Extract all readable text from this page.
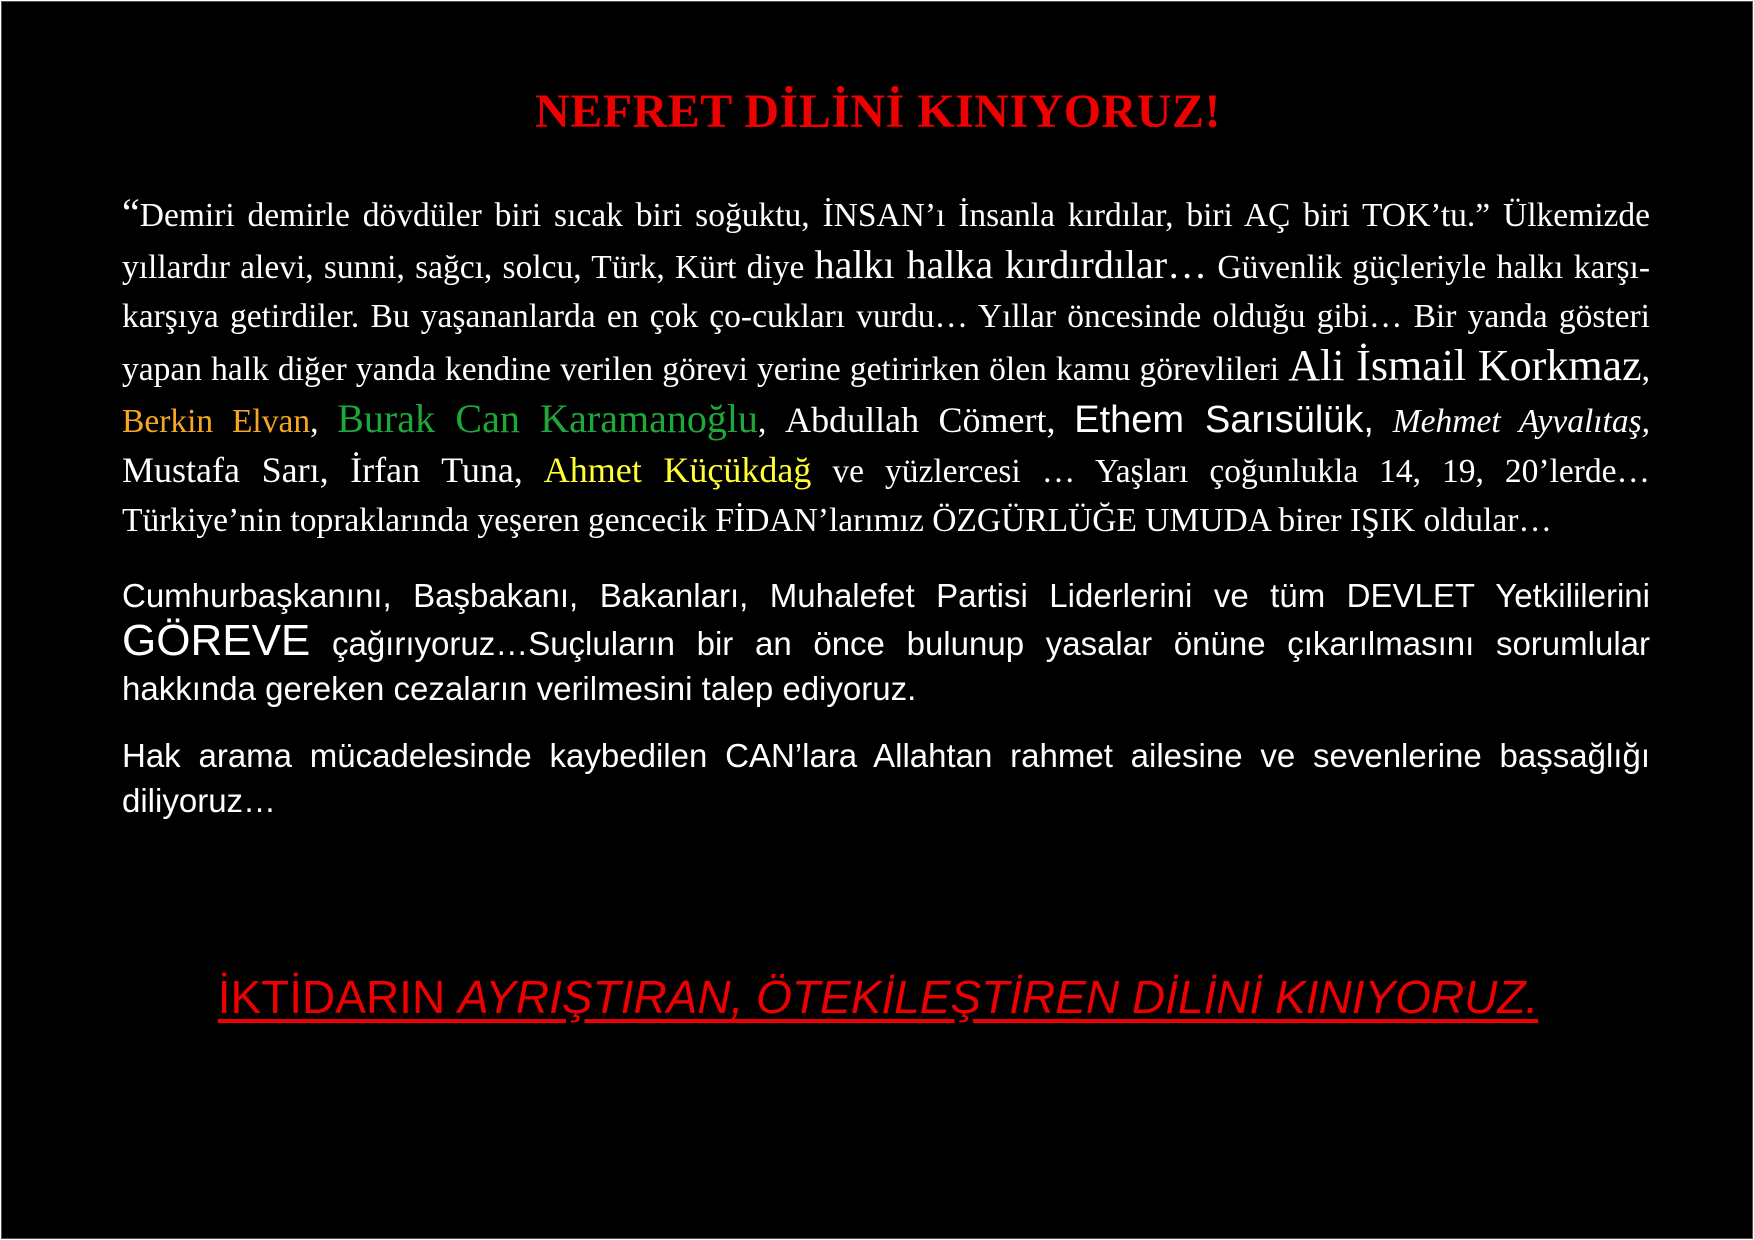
NEFRET DİLİNİ KINIYORUZ!

“Demiri demirle dövdüler biri sıcak biri soğuktu, İNSAN’ı İnsanla kırdılar, biri AÇ biri TOK’tu.” Ülkemizde yıllardır alevi, sunni, sağcı, solcu, Türk, Kürt diye halkı halka kırdırdılar… Güvenlik güçleriyle halkı karşı-karşıya getirdiler. Bu yaşananlarda en çok ço-cukları vurdu… Yıllar öncesinde olduğu gibi… Bir yanda gösteri yapan halk diğer yanda kendine verilen görevi yerine getirirken ölen kamu görevlileri Ali İsmail Korkmaz, Berkin Elvan, Burak Can Karamanoğlu, Abdullah Cömert, Ethem Sarısülük, Mehmet Ayvalıtaş, Mustafa Sarı, İrfan Tuna, Ahmet Küçükdağ ve yüzlercesi … Yaşları çoğunlukla 14, 19, 20’lerde… Türkiye’nin topraklarında yeşeren gencecik FİDAN’larımız ÖZGÜRLÜĞE UMUDA birer IŞIK oldular…

Cumhurbaşkanını, Başbakanı, Bakanları, Muhalefet Partisi Liderlerini ve tüm DEVLET Yetkililerini GÖREVE çağırıyoruz…Suçluların bir an önce bulunup yasalar önüne çıkarılmasını sorumlular hakkında gereken cezaların verilmesini talep ediyoruz.

Hak arama mücadelesinde kaybedilen CAN’lara Allahtan rahmet ailesine ve sevenlerine başsağlığı diliyoruz…

İKTİDARIN AYRIŞTIRAN, ÖTEKİLEŞTİREN DİLİNİ KINIYORUZ.
